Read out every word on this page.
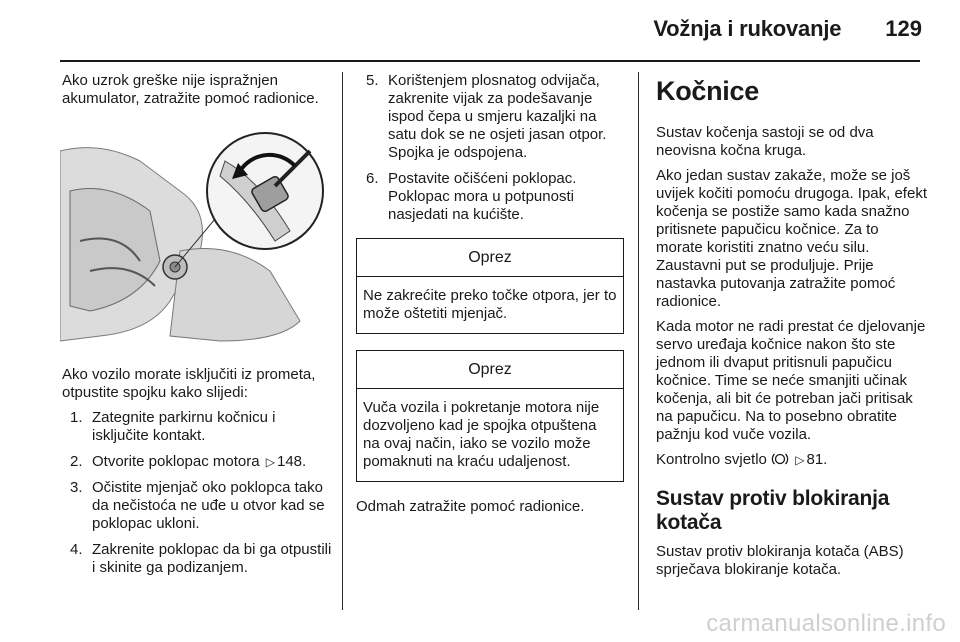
Vožnja i rukovanje 129

Ako uzrok greške nije ispražnjen akumulator, zatražite pomoć radionice.

Ako vozilo morate isključiti iz prometa, otpustite spojku kako slijedi:

1. Zategnite parkirnu kočnicu i isključite kontakt.
2. Otvorite poklopac motora ▷ 148.
3. Očistite mjenjač oko poklopca tako da nečistoća ne uđe u otvor kad se poklopac ukloni.
4. Zakrenite poklopac da bi ga otpustili i skinite ga podizanjem.
5. Korištenjem plosnatog odvijača, zakrenite vijak za podešavanje ispod čepa u smjeru kazaljki na satu dok se ne osjeti jasan otpor. Spojka je odspojena.
6. Postavite očišćeni poklopac. Poklopac mora u potpunosti nasjedati na kućište.
Oprez
Ne zakrećite preko točke otpora, jer to može oštetiti mjenjač.
Oprez
Vuča vozila i pokretanje motora nije dozvoljeno kad je spojka otpuštena na ovaj način, iako se vozilo može pomaknuti na kraću udaljenost.

Odmah zatražite pomoć radionice.

Kočnice

Sustav kočenja sastoji se od dva neovisna kočna kruga.

Ako jedan sustav zakaže, može se još uvijek kočiti pomoću drugoga. Ipak, efekt kočenja se postiže samo kada snažno pritisnete papučicu kočnice. Za to morate koristiti znatno veću silu. Zaustavni put se produljuje. Prije nastavka putovanja zatražite pomoć radionice.

Kada motor ne radi prestat će djelovanje servo uređaja kočnice nakon što ste jednom ili dvaput pritisnuli papučicu kočnice. Time se neće smanjiti učinak kočenja, ali bit će potreban jači pritisak na papučicu. Na to posebno obratite pažnju kod vuče vozila.

Kontrolno svjetlo ▷ 81.

Sustav protiv blokiranja kotača

Sustav protiv blokiranja kotača (ABS) sprječava blokiranje kotača.

carmanualsonline.info
